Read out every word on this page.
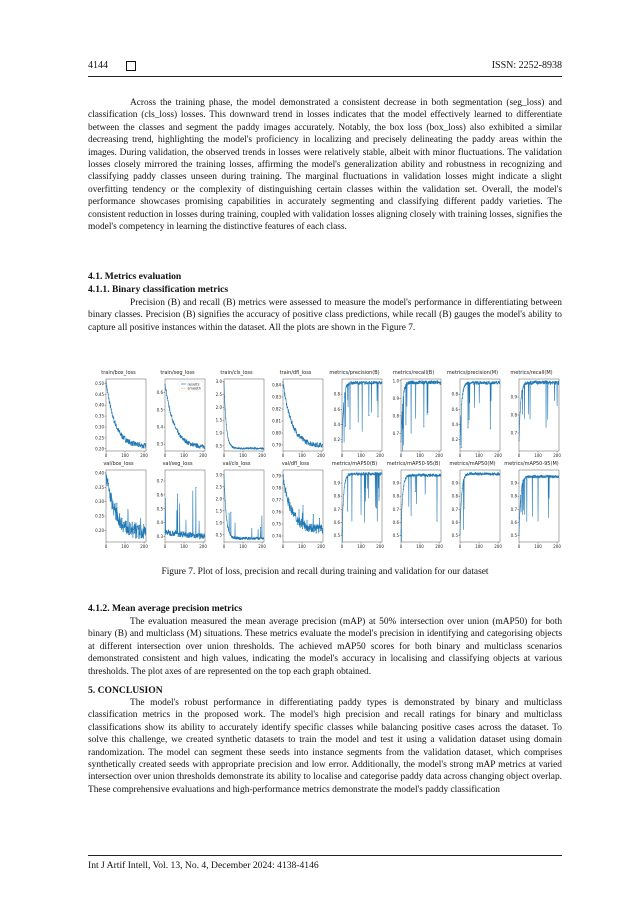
4144	ISSN: 2252-8938

Across the training phase, the model demonstrated a consistent decrease in both segmentation (seg_loss) and classification (cls_loss) losses. This downward trend in losses indicates that the model effectively learned to differentiate between the classes and segment the paddy images accurately. Notably, the box loss (box_loss) also exhibited a similar decreasing trend, highlighting the model's proficiency in localizing and precisely delineating the paddy areas within the images. During validation, the observed trends in losses were relatively stable, albeit with minor fluctuations. The validation losses closely mirrored the training losses, affirming the model's generalization ability and robustness in recognizing and classifying paddy classes unseen during training. The marginal fluctuations in validation losses might indicate a slight overfitting tendency or the complexity of distinguishing certain classes within the validation set. Overall, the model's performance showcases promising capabilities in accurately segmenting and classifying different paddy varieties. The consistent reduction in losses during training, coupled with validation losses aligning closely with training losses, signifies the model's competency in learning the distinctive features of each class.

4.1. Metrics evaluation
4.1.1. Binary classification metrics

Precision (B) and recall (B) metrics were assessed to measure the model's performance in differentiating between binary classes. Precision (B) signifies the accuracy of positive class predictions, while recall (B) gauges the model's ability to capture all positive instances within the dataset. All the plots are shown in the Figure 7.

train/box_loss
0.20
0.25
0.30
0.35
0.40
0.45
0.50
0	100	200
train/seg_loss
0.3
0.4
0.5
0.6
0	100	200
results
smooth
train/cls_loss
0.5
1.0
1.5
2.0
2.5
3.0
0	100	200
train/dfl_loss
0.79
0.80
0.81
0.82
0.83
0.84
0	100	200
metrics/precision(B)
0.2
0.4
0.6
0.8
0	100	200
metrics/recall(B)
0.7
0.8
0.9
1.0
0	100	200
metrics/precision(M)
0.2
0.4
0.6
0.8
0	100	200
metrics/recall(M)
0.7
0.8
0.9
0	100	200
val/box_loss
0.20
0.25
0.30
0.35
0.40
0	100	200
val/seg_loss
0.3
0.4
0.5
0.6
0.7
0	100	200
val/cls_loss
0.5
1.0
1.5
2.0
2.5
3.0
0	100	200
val/dfl_loss
0.74
0.75
0.76
0.77
0.78
0.79
0	100	200
metrics/mAP50(B)
0.5
0.6
0.7
0.8
0.9
0	100	200
metrics/mAP50-95(B)
0.5
0.6
0.7
0.8
0.9
0	100	200
metrics/mAP50(M)
0.5
0.6
0.7
0.8
0.9
0	100	200
metrics/mAP50-95(M)
0.5
0.6
0.7
0.8
0.9
0	100	200
Figure 7. Plot of loss, precision and recall during training and validation for our dataset
4.1.2. Mean average precision metrics

The evaluation measured the mean average precision (mAP) at 50% intersection over union (mAP50) for both binary (B) and multiclass (M) situations. These metrics evaluate the model's precision in identifying and categorising objects at different intersection over union thresholds. The achieved mAP50 scores for both binary and multiclass scenarios demonstrated consistent and high values, indicating the model's accuracy in localising and classifying objects at various thresholds. The plot axes of are represented on the top each graph obtained.

5. CONCLUSION

The model's robust performance in differentiating paddy types is demonstrated by binary and multiclass classification metrics in the proposed work. The model's high precision and recall ratings for binary and multiclass classifications show its ability to accurately identify specific classes while balancing positive cases across the dataset. To solve this challenge, we created synthetic datasets to train the model and test it using a validation dataset using domain randomization. The model can segment these seeds into instance segments from the validation dataset, which comprises synthetically created seeds with appropriate precision and low error. Additionally, the model's strong mAP metrics at varied intersection over union thresholds demonstrate its ability to localise and categorise paddy data across changing object overlap. These comprehensive evaluations and high-performance metrics demonstrate the model's paddy classification

Int J Artif Intell, Vol. 13, No. 4, December 2024: 4138-4146
